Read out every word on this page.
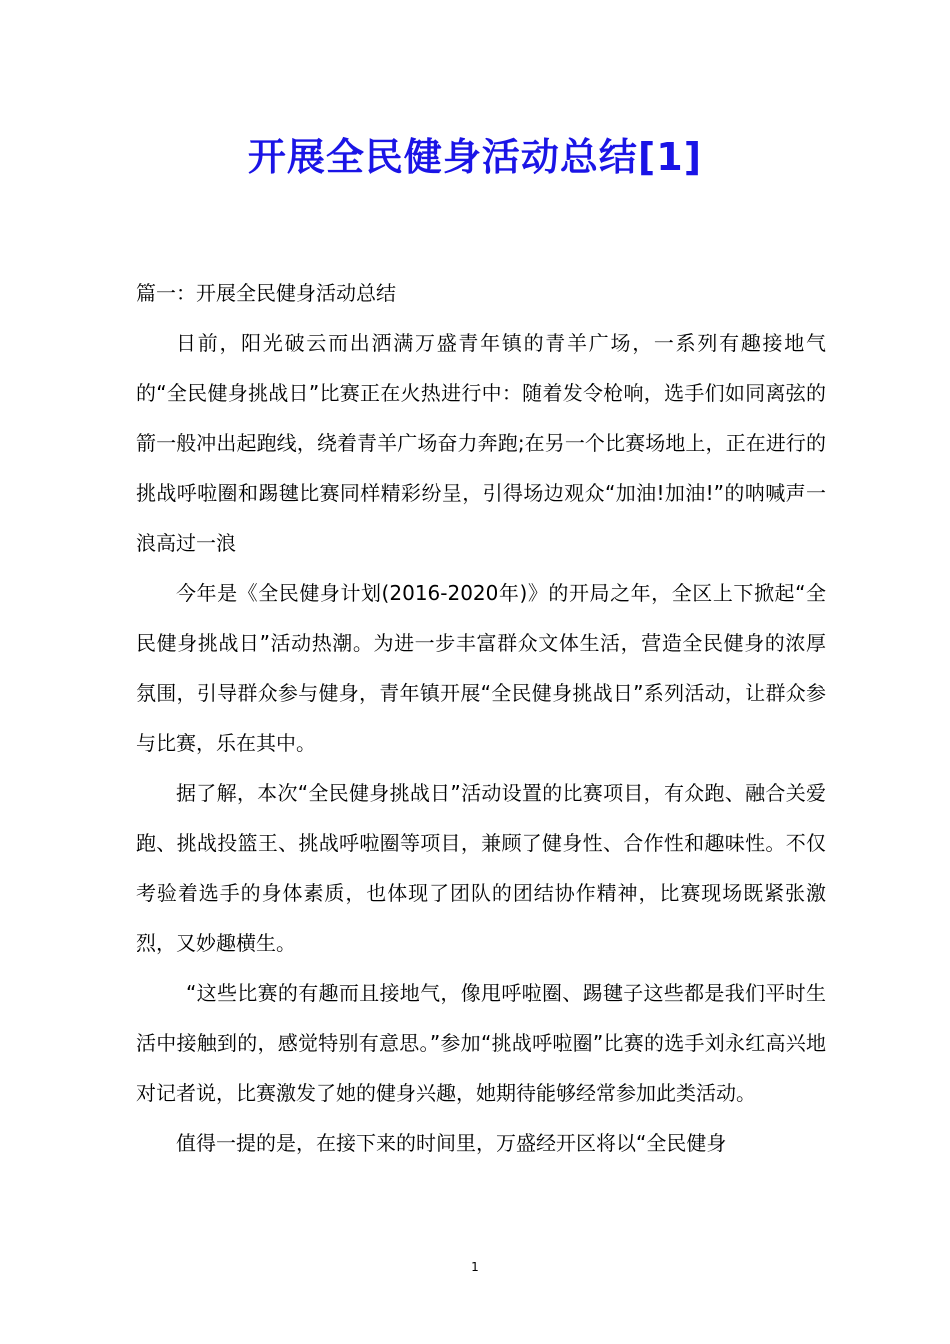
开展全民健身活动总结[1]

篇一：开展全民健身活动总结

日前，阳光破云而出洒满万盛青年镇的青羊广场，一系列有趣接地气的“全民健身挑战日”比赛正在火热进行中：随着发令枪响，选手们如同离弦的箭一般冲出起跑线，绕着青羊广场奋力奔跑;在另一个比赛场地上，正在进行的挑战呼啦圈和踢毽比赛同样精彩纷呈，引得场边观众“加油!加油!”的呐喊声一浪高过一浪

今年是《全民健身计划(2016-2020年)》的开局之年，全区上下掀起“全民健身挑战日”活动热潮。为进一步丰富群众文体生活，营造全民健身的浓厚氛围，引导群众参与健身，青年镇开展“全民健身挑战日”系列活动，让群众参与比赛，乐在其中。

据了解，本次“全民健身挑战日”活动设置的比赛项目，有众跑、融合关爱跑、挑战投篮王、挑战呼啦圈等项目，兼顾了健身性、合作性和趣味性。不仅考验着选手的身体素质，也体现了团队的团结协作精神，比赛现场既紧张激烈，又妙趣横生。

“这些比赛的有趣而且接地气，像甩呼啦圈、踢毽子这些都是我们平时生活中接触到的，感觉特别有意思。”参加“挑战呼啦圈”比赛的选手刘永红高兴地对记者说，比赛激发了她的健身兴趣，她期待能够经常参加此类活动。

值得一提的是，在接下来的时间里，万盛经开区将以“全民健身

1
